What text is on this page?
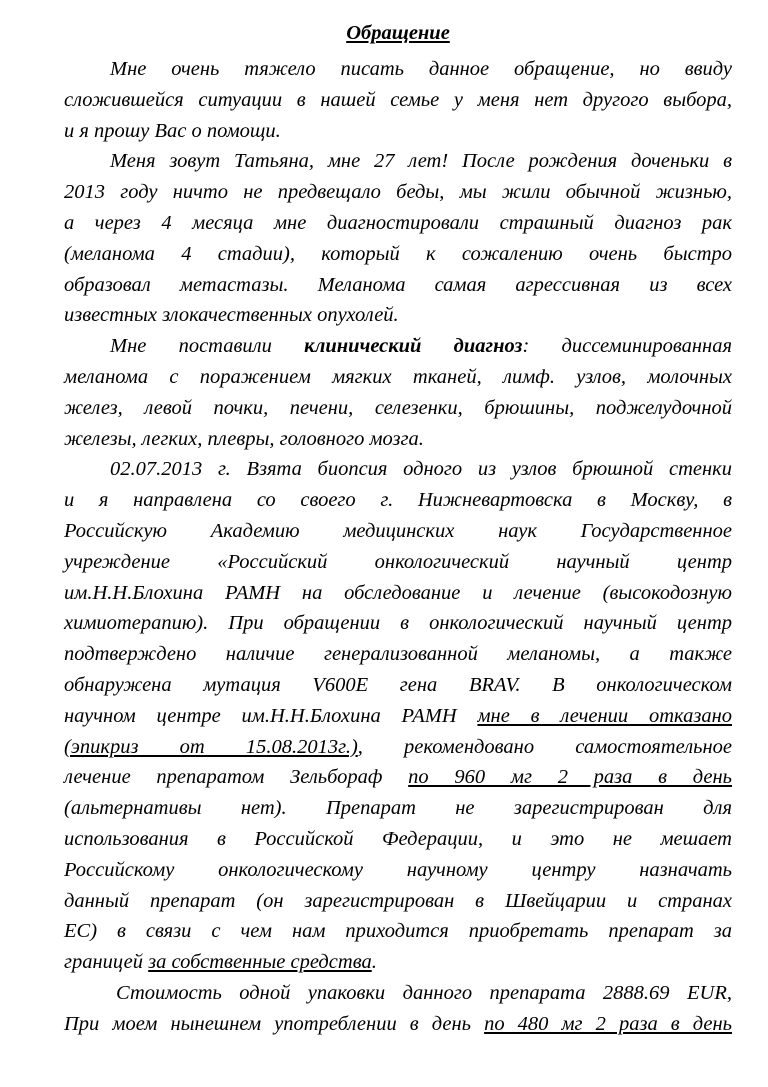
Обращение
Мне очень тяжело писать данное обращение, но ввиду
сложившейся ситуации в нашей семье у меня нет другого выбора,
и я прошу Вас о помощи.
Меня зовут Татьяна, мне 27 лет! После рождения доченьки в
2013 году ничто не предвещало беды, мы жили обычной жизнью,
а через 4 месяца мне диагностировали страшный диагноз рак
(меланома 4 стадии), который к сожалению очень быстро
образовал метастазы. Меланома самая агрессивная из всех
известных злокачественных опухолей.
Мне поставили клинический диагноз: диссеминированная
меланома с поражением мягких тканей, лимф. узлов, молочных
желез, левой почки, печени, селезенки, брюшины, поджелудочной
железы, легких, плевры, головного мозга.
02.07.2013 г. Взята биопсия одного из узлов брюшной стенки
и я направлена со своего г. Нижневартовска в Москву, в
Российскую Академию медицинских наук Государственное
учреждение «Российский онкологический научный центр
им.Н.Н.Блохина РАМН на обследование и лечение (высокодозную
химиотерапию). При обращении в онкологический научный центр
подтверждено наличие генерализованной меланомы, а также
обнаружена мутация V600E гена BRAV. В онкологическом
научном центре им.Н.Н.Блохина РАМН мне в лечении отказано
(эпикриз от 15.08.2013г.), рекомендовано самостоятельное
лечение препаратом Зельбораф по 960 мг 2 раза в день
(альтернативы нет). Препарат не зарегистрирован для
использования в Российской Федерации, и это не мешает
Российскому онкологическому научному центру назначать
данный препарат (он зарегистрирован в Швейцарии и странах
ЕС) в связи с чем нам приходится приобретать препарат за
границей за собственные средства.
Стоимость одной упаковки данного препарата 2888.69 EUR,
При моем нынешнем употреблении в день по 480 мг 2 раза в день
